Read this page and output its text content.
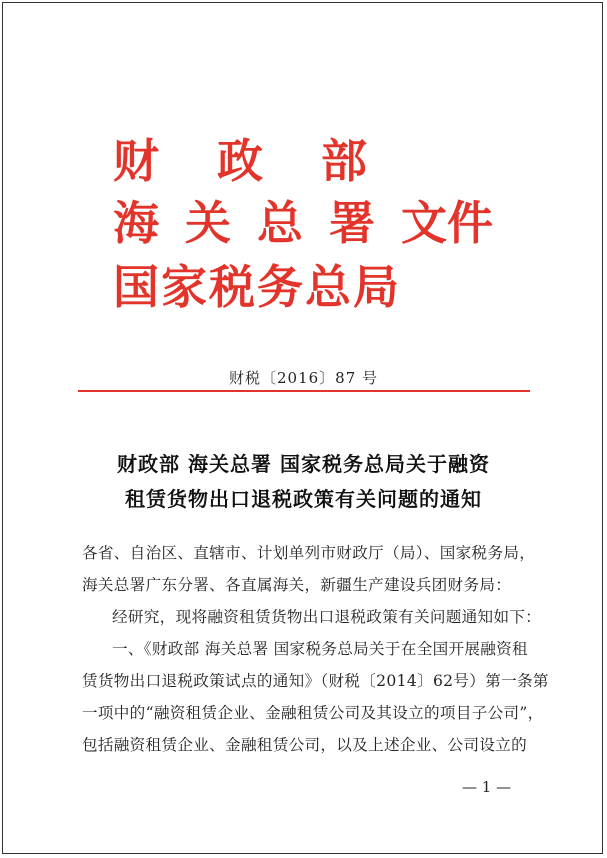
财政部
海关总署文件
国家税务总局
财税〔2016〕87 号
财政部 海关总署 国家税务总局关于融资
租赁货物出口退税政策有关问题的通知
各省、自治区、直辖市、计划单列市财政厅（局）、国家税务局，
海关总署广东分署、各直属海关，新疆生产建设兵团财务局：
经研究，现将融资租赁货物出口退税政策有关问题通知如下：
一、《财政部 海关总署 国家税务总局关于在全国开展融资租
赁货物出口退税政策试点的通知》（财税〔2014〕62号）第一条第
一项中的“融资租赁企业、金融租赁公司及其设立的项目子公司”，
包括融资租赁企业、金融租赁公司，以及上述企业、公司设立的
— 1 —
